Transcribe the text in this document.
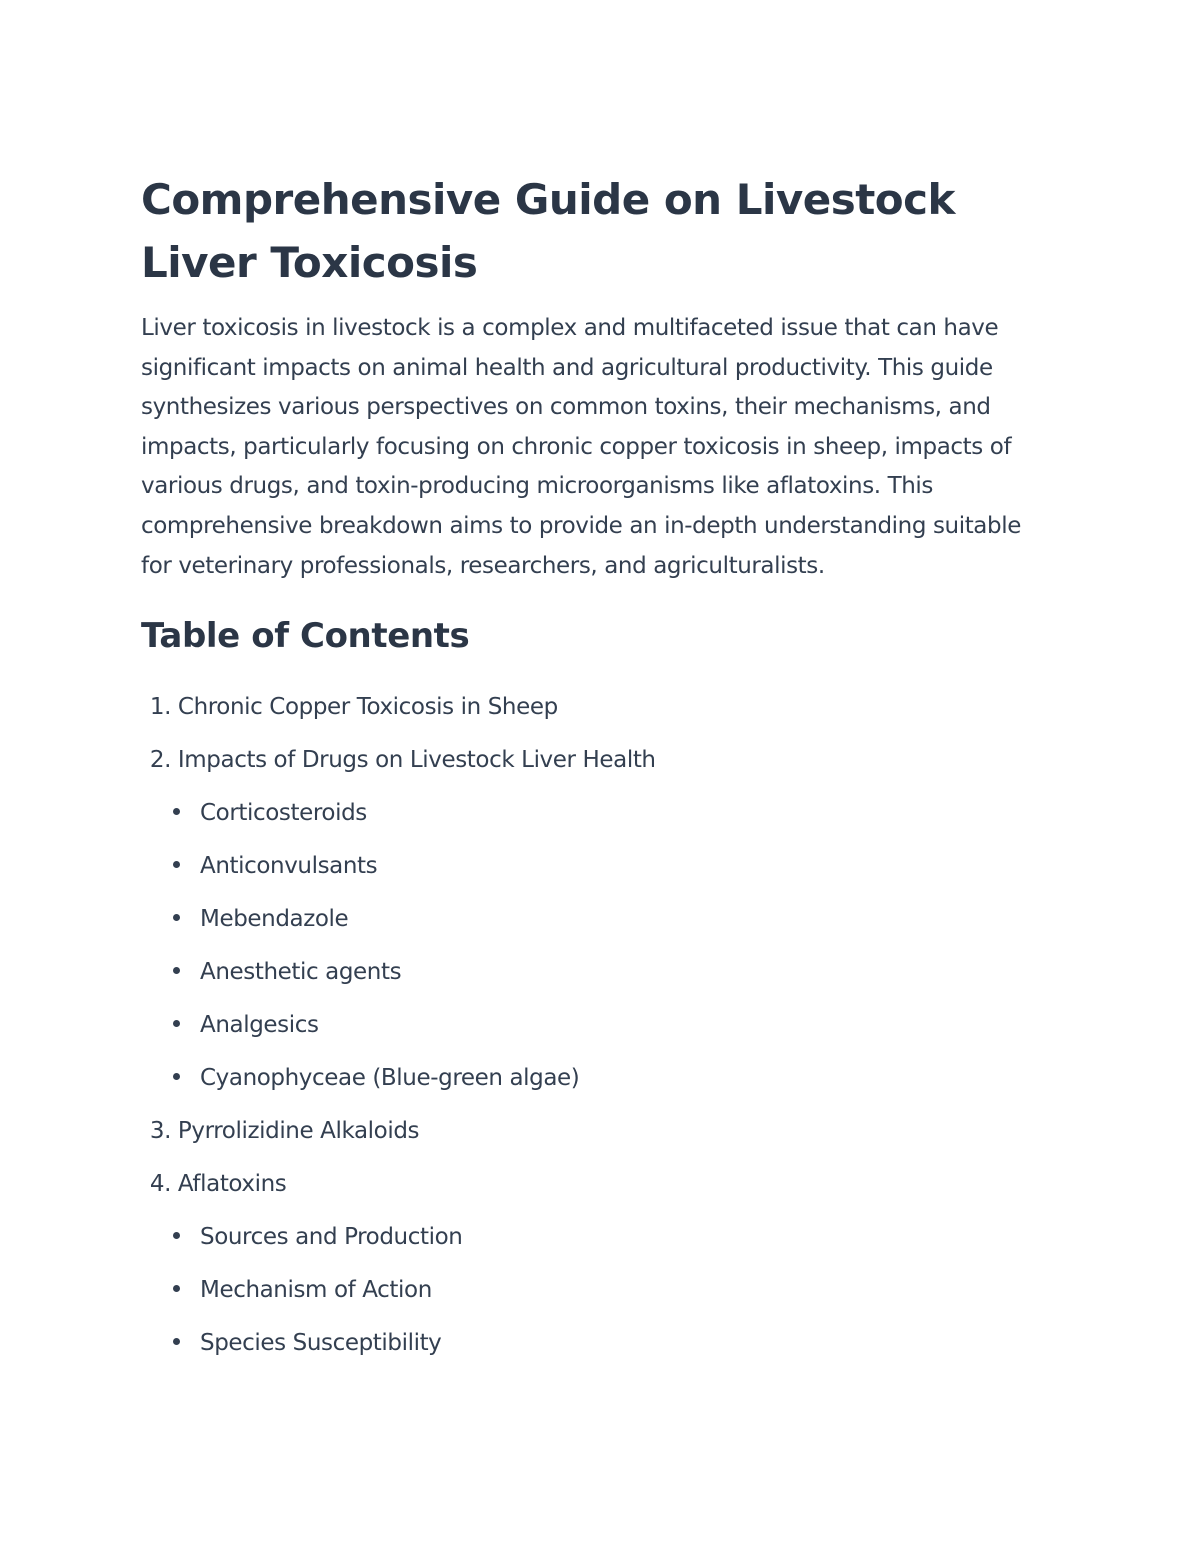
Comprehensive Guide on Livestock Liver Toxicosis

Liver toxicosis in livestock is a complex and multifaceted issue that can have significant impacts on animal health and agricultural productivity. This guide synthesizes various perspectives on common toxins, their mechanisms, and impacts, particularly focusing on chronic copper toxicosis in sheep, impacts of various drugs, and toxin-producing microorganisms like aflatoxins. This comprehensive breakdown aims to provide an in-depth understanding suitable for veterinary professionals, researchers, and agriculturalists.

Table of Contents
1. Chronic Copper Toxicosis in Sheep
2. Impacts of Drugs on Livestock Liver Health
Corticosteroids
Anticonvulsants
Mebendazole
Anesthetic agents
Analgesics
Cyanophyceae (Blue-green algae)
3. Pyrrolizidine Alkaloids
4. Aflatoxins
Sources and Production
Mechanism of Action
Species Susceptibility
